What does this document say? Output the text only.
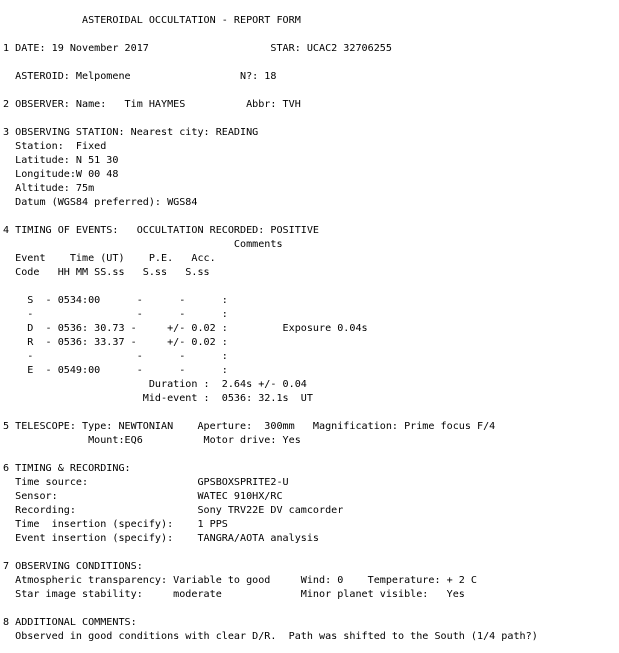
ASTEROIDAL OCCULTATION - REPORT FORM
1 DATE: 19 November 2017                    STAR: UCAC2 32706255
ASTEROID: Melpomene                  N?: 18
2 OBSERVER: Name:   Tim HAYMES          Abbr: TVH
3 OBSERVING STATION: Nearest city: READING
Station:  Fixed
Latitude: N 51 30
Longitude:W 00 48
Altitude: 75m
Datum (WGS84 preferred): WGS84
4 TIMING OF EVENTS:   OCCULTATION RECORDED: POSITIVE
Comments
Event    Time (UT)    P.E.   Acc.
Code   HH MM SS.ss   S.ss   S.ss
S  - 0534:00      -      -      :
-                 -      -      :
D  - 0536: 30.73 -     +/- 0.02 :         Exposure 0.04s
R  - 0536: 33.37 -     +/- 0.02 :
-                 -      -      :
E  - 0549:00      -      -      :
Duration :  2.64s +/- 0.04
Mid-event :  0536: 32.1s  UT
5 TELESCOPE: Type: NEWTONIAN    Aperture:  300mm   Magnification: Prime focus F/4
Mount:EQ6          Motor drive: Yes
6 TIMING & RECORDING:
Time source:                  GPSBOXSPRITE2-U
Sensor:                       WATEC 910HX/RC
Recording:                    Sony TRV22E DV camcorder
Time  insertion (specify):    1 PPS
Event insertion (specify):    TANGRA/AOTA analysis
7 OBSERVING CONDITIONS:
Atmospheric transparency: Variable to good     Wind: 0    Temperature: + 2 C
Star image stability:     moderate             Minor planet visible:   Yes
8 ADDITIONAL COMMENTS:
Observed in good conditions with clear D/R.  Path was shifted to the South (1/4 path?)
